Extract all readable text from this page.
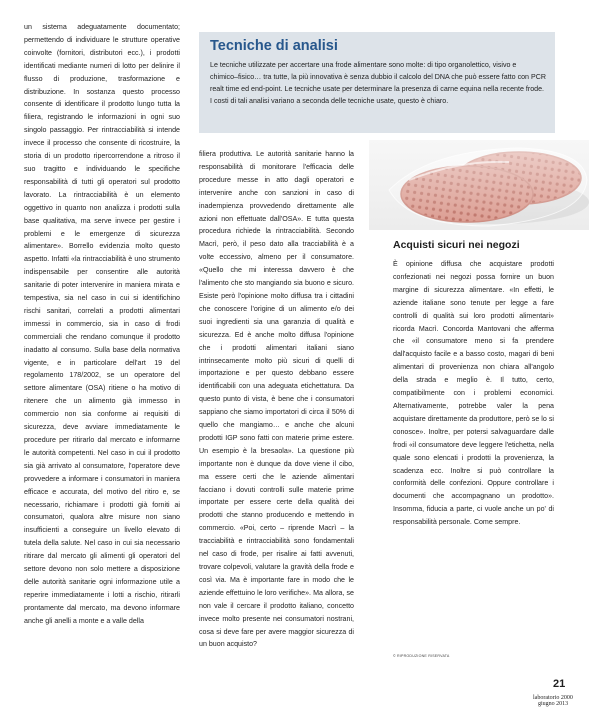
Tecniche di analisi

Le tecniche utilizzate per accertare una frode alimentare sono molte: di tipo organolettico, visivo e chimico–fisico… tra tutte, la più innovativa è senza dubbio il calcolo del DNA che può essere fatto con PCR realt time ed end-point. Le tecniche usate per determinare la presenza di carne equina nella recente frode. I costi di tali analisi variano a seconda delle tecniche usate, questo è chiaro.

un sistema adeguatamente documentato; permettendo di individuare le strutture operative coinvolte (fornitori, distributori ecc.), i prodotti identificati mediante numeri di lotto per delinire il flusso di produzione, trasformazione e distribuzione. In sostanza questo processo consente di identificare il prodotto lungo tutta la filiera, registrando le informazioni in ogni suo singolo passaggio. Per rintracciabilità si intende invece il processo che consente di ricostruire, la storia di un prodotto ripercorrendone a ritroso il suo tragitto e individuando le specifiche responsabilità di tutti gli operatori sul prodotto lavorato. La rintracciabilità è un elemento oggettivo in quanto non analizza i prodotti sulla base qualitativa, ma serve invece per gestire i problemi e le emergenze di sicurezza alimentare». Borrello evidenzia molto questo aspetto. Infatti «la rintracciabilità è uno strumento indispensabile per consentire alle autorità sanitarie di poter intervenire in maniera mirata e tempestiva, sia nel caso in cui si identifichino rischi sanitari, correlati a prodotti alimentari immessi in commercio, sia in caso di frodi commerciali che rendano comunque il prodotto inadatto al consumo. Sulla base della normativa vigente, e in particolare dell'art 19 del regolamento 178/2002, se un operatore del settore alimentare (OSA) ritiene o ha motivo di ritenere che un alimento già immesso in commercio non sia conforme ai requisiti di sicurezza, deve avviare immediatamente le procedure per ritirarlo dal mercato e informarne le autorità competenti. Nel caso in cui il prodotto sia già arrivato al consumatore, l'operatore deve provvedere a informare i consumatori in maniera efficace e accurata, del motivo del ritiro e, se necessario, richiamare i prodotti già forniti ai consumatori, qualora altre misure non siano insufficienti a conseguire un livello elevato di tutela della salute. Nel caso in cui sia necessario ritirare dal mercato gli alimenti gli operatori del settore devono non solo mettere a disposizione delle autorità sanitarie ogni informazione utile a reperire immediatamente i lotti a rischio, ritirarli prontamente dal mercato, ma devono informare anche gli anelli a monte e a valle della

filiera produttiva. Le autorità sanitarie hanno la responsabilità di monitorare l'efficacia delle procedure messe in atto dagli operatori e intervenire anche con sanzioni in caso di inadempienza provvedendo direttamente alle azioni non effettuate dall'OSA». E tutta questa procedura richiede la rintracciabilità. Secondo Macrì, però, il peso dato alla tracciabilità è a volte eccessivo, almeno per il consumatore. «Quello che mi interessa davvero è che l'alimento che sto mangiando sia buono e sicuro. Esiste però l'opinione molto diffusa tra i cittadini che conoscere l'origine di un alimento e/o dei suoi ingredienti sia una garanzia di qualità e sicurezza. Ed è anche molto diffusa l'opinione che i prodotti alimentari italiani siano intrinsecamente molto più sicuri di quelli di importazione e per questo debbano essere identificabili con una adeguata etichettatura. Da questo punto di vista, è bene che i consumatori sappiano che siamo importatori di circa il 50% di quello che mangiamo… e anche che alcuni prodotti IGP sono fatti con materie prime estere. Un esempio è la bresaola». La questione più importante non è dunque da dove viene il cibo, ma essere certi che le aziende alimentari facciano i dovuti controlli sulle materie prime importate per essere certe della qualità dei prodotti che stanno producendo e mettendo in commercio. «Poi, certo – riprende Macrì – la tracciabilità e rintracciabilità sono fondamentali nel caso di frode, per risalire ai fatti avvenuti, trovare colpevoli, valutare la gravità della frode e così via. Ma è importante fare in modo che le aziende effettuino le loro verifiche». Ma allora, se non vale il cercare il prodotto italiano, concetto invece molto presente nei consumatori nostrani, cosa si deve fare per avere maggior sicurezza di un buon acquisto?

Acquisti sicuri nei negozi

È opinione diffusa che acquistare prodotti confezionati nei negozi possa fornire un buon margine di sicurezza alimentare. «In effetti, le aziende italiane sono tenute per legge a fare controlli di qualità sui loro prodotti alimentari» ricorda Macrì. Concorda Mantovani che afferma che «il consumatore meno si fa prendere dall'acquisto facile e a basso costo, magari di beni alimentari di provenienza non chiara all'angolo della strada e meglio è. Il tutto, certo, compatibilmente con i problemi economici. Alternativamente, potrebbe valer la pena acquistare direttamente da produttore, però se lo si conosce». Inoltre, per potersi salvaguardare dalle frodi «il consumatore deve leggere l'etichetta, nella quale sono elencati i prodotti la provenienza, la scadenza ecc. Inoltre si può controllare la conformità delle confezioni. Oppure controllare i documenti che accompagnano un prodotto». Insomma, fiducia a parte, ci vuole anche un po' di responsabilità personale. Come sempre.

© RIPRODUZIONE RISERVATA

21

laboratorio 2000

giugno 2013
